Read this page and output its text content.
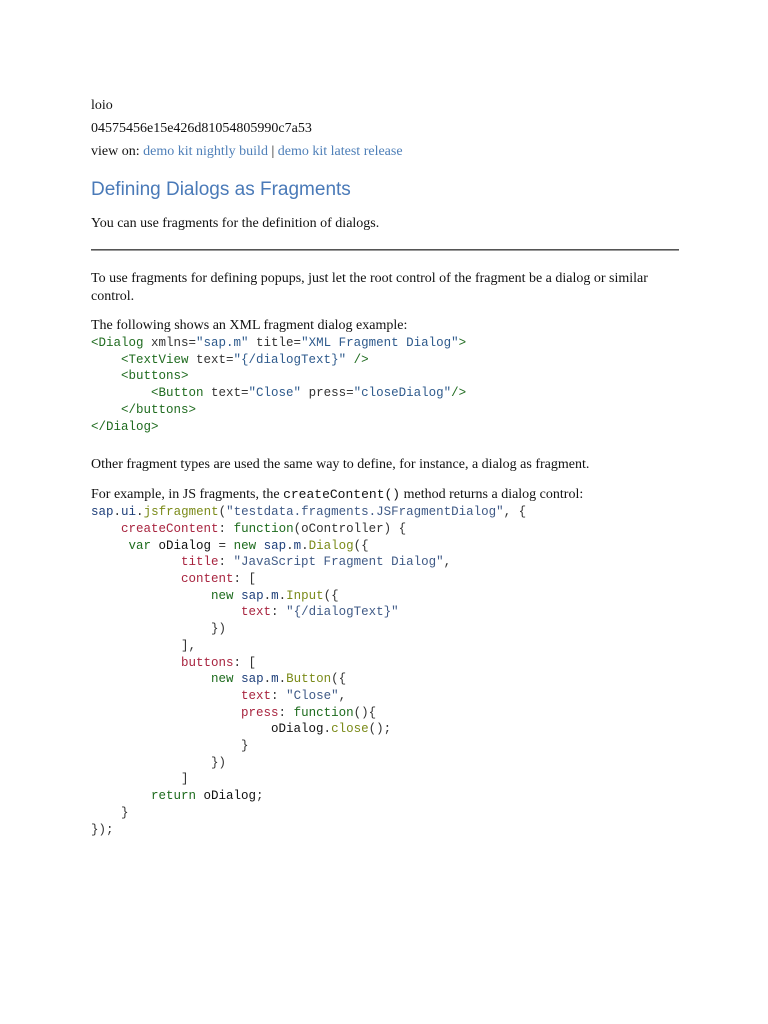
loio
04575456e15e426d81054805990c7a53
view on: demo kit nightly build | demo kit latest release
Defining Dialogs as Fragments
You can use fragments for the definition of dialogs.
To use fragments for defining popups, just let the root control of the fragment be a dialog or similar control.
The following shows an XML fragment dialog example:
<Dialog xmlns="sap.m" title="XML Fragment Dialog">
<TextView text="{/dialogText}" />
<buttons>
<Button text="Close" press="closeDialog"/>
</buttons>
</Dialog>
Other fragment types are used the same way to define, for instance, a dialog as fragment.
For example, in JS fragments, the createContent() method returns a dialog control:
sap.ui.jsfragment("testdata.fragments.JSFragmentDialog", {
createContent: function(oController) {
var oDialog = new sap.m.Dialog({
title: "JavaScript Fragment Dialog",
content: [
new sap.m.Input({
text: "{/dialogText}"
})
],
buttons: [
new sap.m.Button({
text: "Close",
press: function(){
oDialog.close();
}
})
]
return oDialog;
}
});
